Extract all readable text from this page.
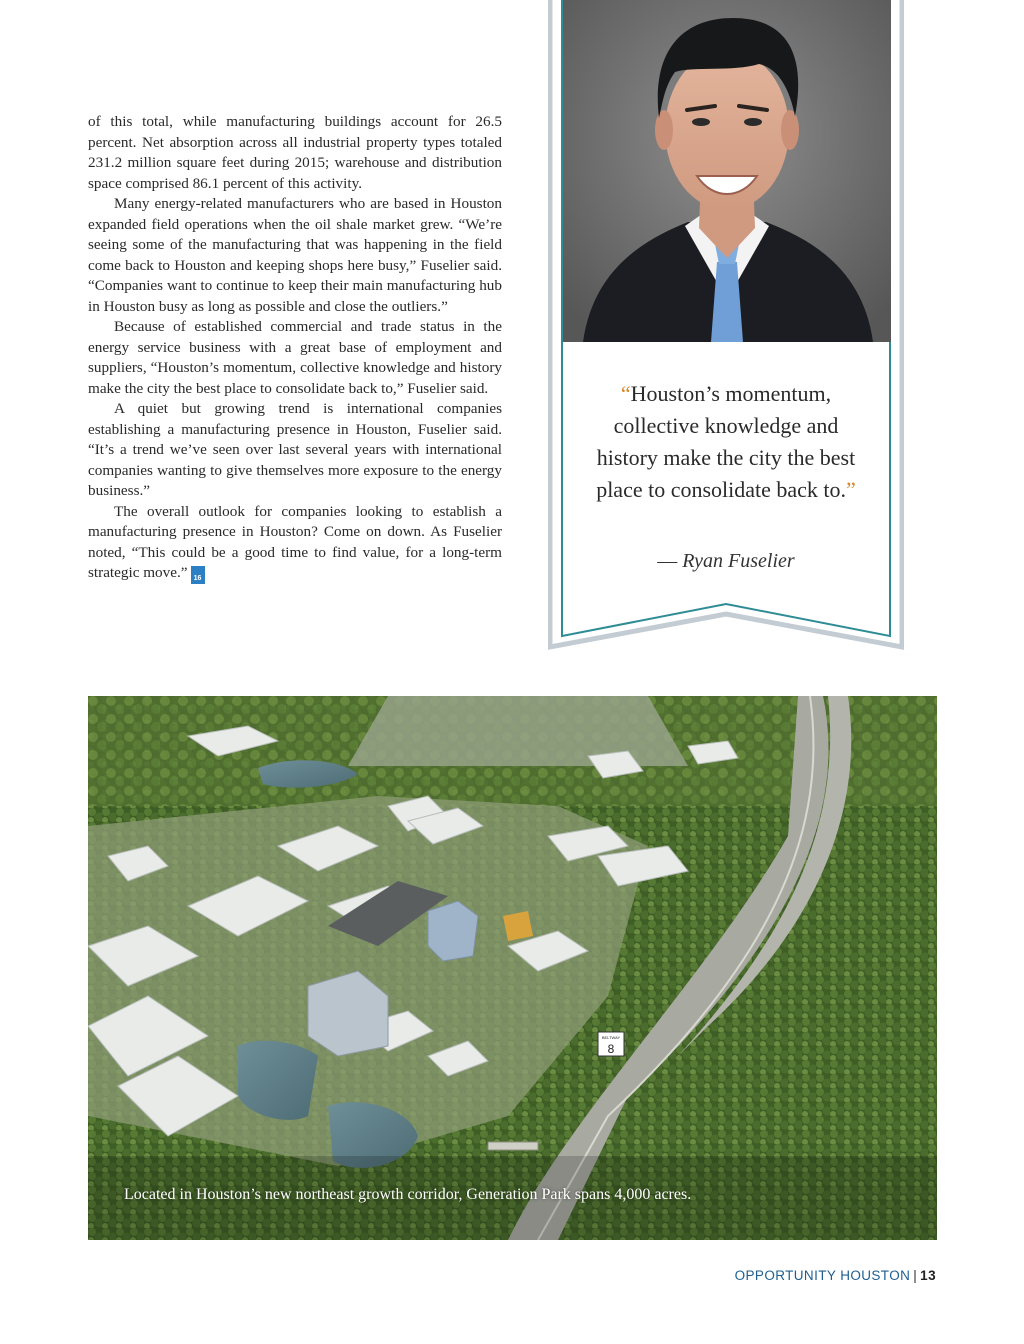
of this total, while manufacturing buildings account for 26.5 percent. Net absorption across all industrial property types totaled 231.2 million square feet during 2015; warehouse and distribution space comprised 86.1 percent of this activity.

Many energy-related manufacturers who are based in Houston expanded field operations when the oil shale market grew. “We’re seeing some of the manufacturing that was happening in the field come back to Houston and keeping shops here busy,” Fuselier said. “Companies want to continue to keep their main manufacturing hub in Houston busy as long as possible and close the outliers.”

Because of established commercial and trade status in the energy service business with a great base of employment and suppliers, “Houston’s momentum, collective knowledge and history make the city the best place to consolidate back to,” Fuselier said.

A quiet but growing trend is international companies establishing a manufacturing presence in Houston, Fuselier said. “It’s a trend we’ve seen over last several years with international companies wanting to give themselves more exposure to the energy business.”

The overall outlook for companies looking to establish a manufacturing presence in Houston? Come on down. As Fuselier noted, “This could be a good time to find value, for a long-term strategic move.”	20
16

“Houston’s momentum, collective knowledge and history make the city the best place to consolidate back to.”
— Ryan Fuselier
BELTWAY
8
Located in Houston’s new northeast growth corridor, Generation Park spans 4,000 acres.
OPPORTUNITY HOUSTON | 13
